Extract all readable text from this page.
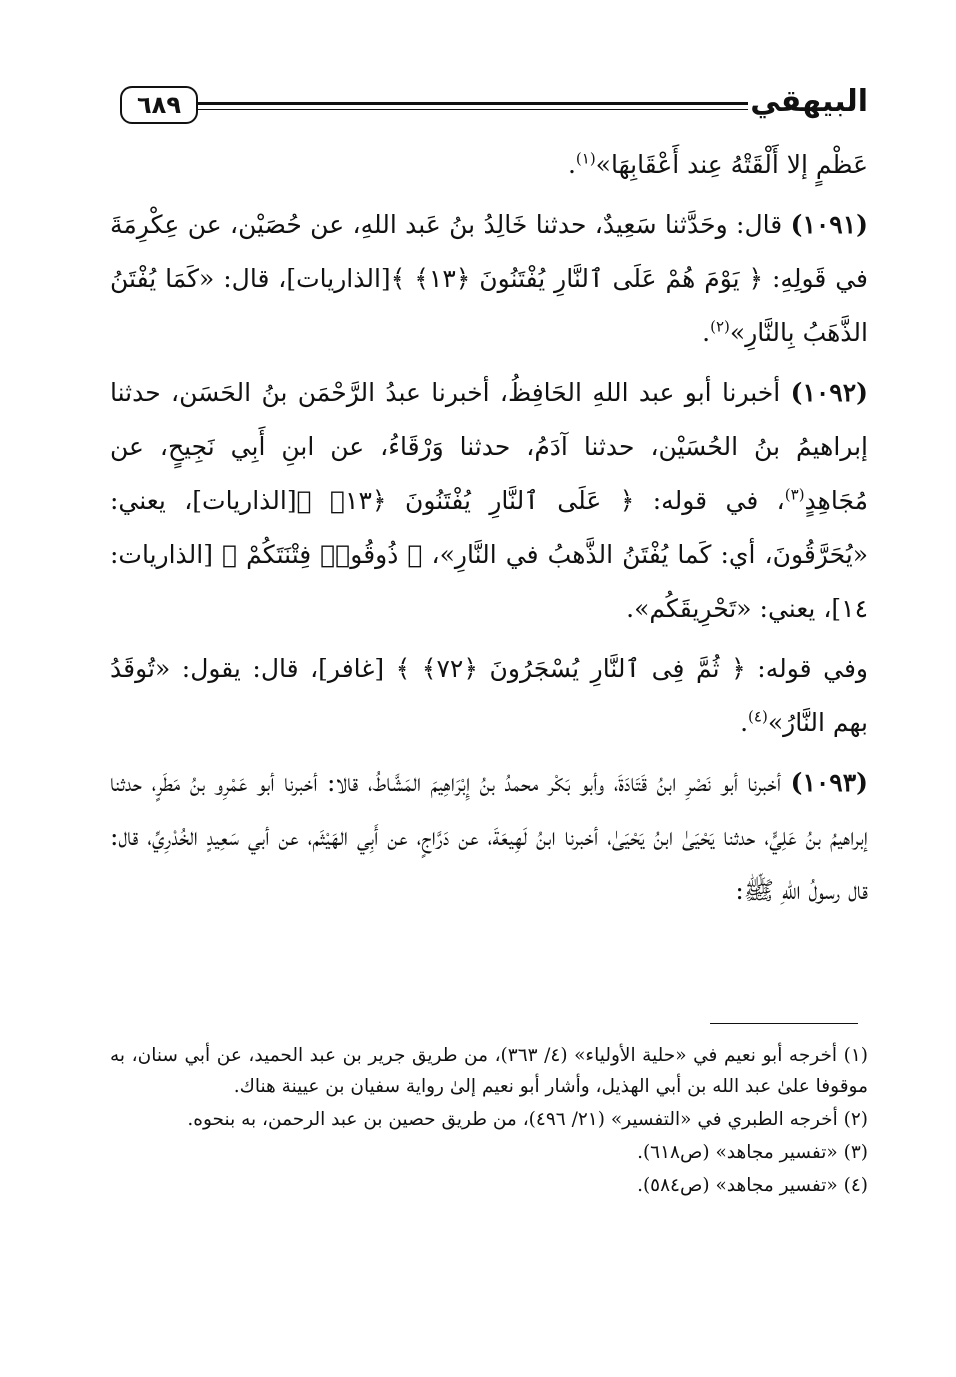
٦٨٩	البيهقي

عَظْمٍ إلا أَلْقَتْهُ عِند أَعْقَابِهَا»$^{(١)}$.

(١٠٩١) قال: وحَدَّثنا سَعِيدٌ، حدثنا خَالِدُ بنُ عَبد اللهِ، عن حُصَيْن، عن عِكْرِمَةَ في قَولِهِ: ﴿ يَوْمَ هُمْ عَلَى ٱلنَّارِ يُفْتَنُونَ ﴿١٣﴾ ﴾[الذاريات]، قال: «كَمَا يُفْتَنُ الذَّهَبُ بِالنَّارِ»$^{(٢)}$.

(١٠٩٢) أخبرنا أبو عبد اللهِ الحَافِظُ، أخبرنا عبدُ الرَّحْمَن بنُ الحَسَن، حدثنا إبراهيمُ بنُ الحُسَيْن، حدثنا آدَمُ، حدثنا وَرْقَاءُ، عن ابنِ أَبِي نَجِيحٍ، عن مُجَاهِدٍ$^{(٣)}$، في قوله: ﴿ عَلَى ٱلنَّارِ يُفْتَنُونَ ﴿١٣﴾ ﴾[الذاريات]، يعني: «يُحَرَّقُونَ، أي: كَما يُفْتَنُ الذَّهبُ في النَّارِ»، ﴿ ذُوقُوا۟ فِتْنَتَكُمْ ﴾ [الذاريات: ١٤]، يعني: «تَحْرِيقَكُم».

وفي قوله: ﴿ ثُمَّ فِى ٱلنَّارِ يُسْجَرُونَ ﴿٧٢﴾ ﴾ [غافر]، قال: يقول: «تُوقَدُ بهم النَّارُ»$^{(٤)}$.

(١٠٩٣) أخبرنا أبو نَصْرِ ابنُ قَتَادَةَ، وأبو بَكْر محمدُ بنُ إِبْرَاهِيمَ المَشَّاطُ، قالا: أخبرنا أبو عَمْرِو بنُ مَطَرٍ، حدثنا إبراهيمُ بنُ عَلِيٍّ، حدثنا يَحْيَىٰ ابنُ يَحْيَىٰ، أخبرنا ابنُ لَهِيعَةَ، عن دَرَّاجٍ، عن أَبِي الهَيْثَم، عن أبي سَعِيدٍ الخُدْرِيِّ، قال: قال رسولُ اللهِ ﷺ:

(١) أخرجه أبو نعيم في «حلية الأولياء» (٤/ ٣٦٣)، من طريق جرير بن عبد الحميد، عن أبي سنان، به موقوفا علىٰ عبد الله بن أبي الهذيل، وأشار أبو نعيم إلىٰ رواية سفيان بن عيينة هناك.

(٢) أخرجه الطبري في «التفسير» (٢١/ ٤٩٦)، من طريق حصين بن عبد الرحمن، به بنحوه.

(٣) «تفسير مجاهد» (ص٦١٨).

(٤) «تفسير مجاهد» (ص٥٨٤).
